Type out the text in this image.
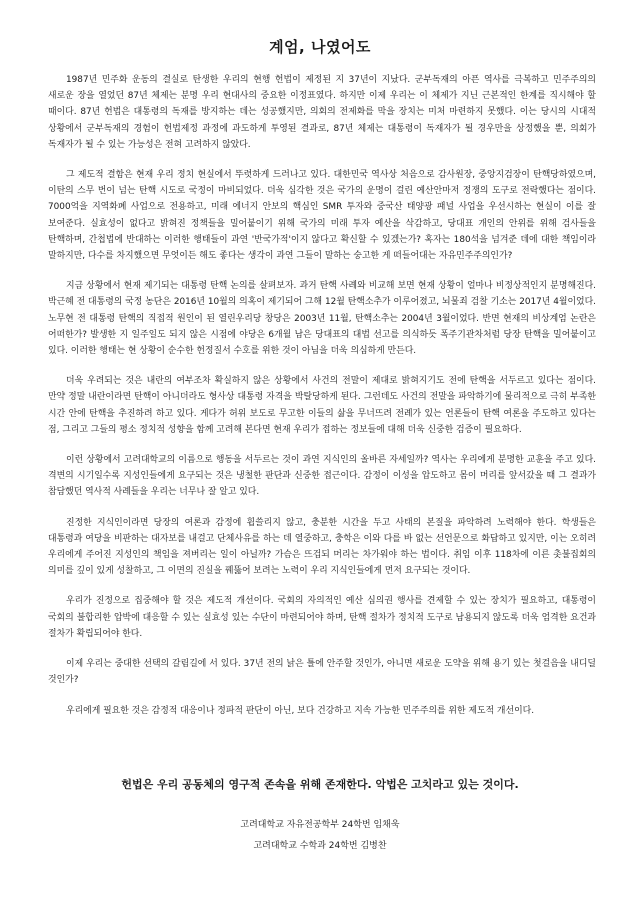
계엄, 나였어도

1987년 민주화 운동의 결실로 탄생한 우리의 현행 헌법이 제정된 지 37년이 지났다. 군부독재의 아픈 역사를 극복하고 민주주의의 새로운 장을 열었던 87년 체제는 분명 우리 현대사의 중요한 이정표였다. 하지만 이제 우리는 이 체제가 지닌 근본적인 한계를 직시해야 할 때이다. 87년 헌법은 대통령의 독재를 방지하는 데는 성공했지만, 의회의 전제화를 막을 장치는 미처 마련하지 못했다. 이는 당시의 시대적 상황에서 군부독재의 경험이 헌법제정 과정에 과도하게 투영된 결과로, 87년 체제는 대통령이 독재자가 될 경우만을 상정했을 뿐, 의회가 독재자가 될 수 있는 가능성은 전혀 고려하지 않았다.

그 제도적 결함은 현재 우리 정치 현실에서 뚜렷하게 드러나고 있다. 대한민국 역사상 처음으로 감사원장, 중앙지검장이 탄핵당하였으며, 이탄의 스무 번이 넘는 탄핵 시도로 국정이 마비되었다. 더욱 심각한 것은 국가의 운명이 걸린 예산안마저 정쟁의 도구로 전락했다는 점이다. 7000억을 지역화폐 사업으로 전용하고, 미래 에너지 안보의 핵심인 SMR 투자와 중국산 태양광 패널 사업을 우선시하는 현실이 이를 잘 보여준다. 실효성이 없다고 밝혀진 정책들을 밀어붙이기 위해 국가의 미래 투자 예산을 삭감하고, 당대표 개인의 안위를 위해 검사들을 탄핵하며, 간첩법에 반대하는 이러한 행태들이 과연 '반국가적'이지 않다고 확신할 수 있겠는가? 혹자는 180석을 넘겨준 데에 대한 책임이라 말하지만, 다수를 차지했으면 무엇이든 해도 좋다는 생각이 과연 그들이 말하는 숭고한 게 떠들어대는 자유민주주의인가?

지금 상황에서 현재 제기되는 대통령 탄핵 논의를 살펴보자. 과거 탄핵 사례와 비교해 보면 현재 상황이 얼마나 비정상적인지 분명해진다. 박근혜 전 대통령의 국정 농단은 2016년 10월의 의혹이 제기되어 그해 12월 탄핵소추가 이루어졌고, 뇌물죄 검찰 기소는 2017년 4월이었다. 노무현 전 대통령 탄핵의 직접적 원인이 된 열린우리당 창당은 2003년 11월, 탄핵소추는 2004년 3월이었다. 반면 현재의 비상계엄 논란은 어떠한가? 발생한 지 일주일도 되지 않은 시점에 야당은 6개월 남은 당대표의 대법 선고를 의식하듯 폭주기관차처럼 당장 탄핵을 밀어붙이고 있다. 이러한 행태는 현 상황이 순수한 헌정질서 수호를 위한 것이 아님을 더욱 의심하게 만든다.

더욱 우려되는 것은 내란의 여부조차 확실하지 않은 상황에서 사건의 전말이 제대로 밝혀지기도 전에 탄핵을 서두르고 있다는 점이다. 만약 정말 내란이라면 탄핵이 아니더라도 형사상 대통령 자격을 박탈당하게 된다. 그런데도 사건의 전말을 파악하기에 물리적으로 극히 부족한 시간 안에 탄핵을 추진하려 하고 있다. 게다가 허위 보도로 무고한 이들의 삶을 무너뜨려 전례가 있는 언론들이 탄핵 여론을 주도하고 있다는 점, 그리고 그들의 평소 정치적 성향을 함께 고려해 본다면 현재 우리가 접하는 정보들에 대해 더욱 신중한 검증이 필요하다.

이런 상황에서 고려대학교의 이름으로 행동을 서두르는 것이 과연 지식인의 올바른 자세일까? 역사는 우리에게 분명한 교훈을 주고 있다. 격변의 시기일수록 지성인들에게 요구되는 것은 냉철한 판단과 신중한 접근이다. 감정이 이성을 압도하고 몸이 머리를 앞서갔을 때 그 결과가 참담했던 역사적 사례들을 우리는 너무나 잘 알고 있다.

진정한 지식인이라면 당장의 여론과 감정에 휩쓸리지 않고, 충분한 시간을 두고 사태의 본질을 파악하려 노력해야 한다. 학생들은 대통령과 여당을 비판하는 대자보를 내걸고 단체사유를 하는 데 열중하고, 충학은 이와 다를 바 없는 선언문으로 화답하고 있지만, 이는 오히려 우리에게 주어진 지성인의 책임을 져버리는 일이 아닐까? 가슴은 뜨겁되 머리는 차가워야 하는 법이다. 취임 이후 118차에 이른 촛불집회의 의미를 깊이 있게 성찰하고, 그 이면의 진실을 꿰뚫어 보려는 노력이 우리 지식인들에게 먼저 요구되는 것이다.

우리가 진정으로 집중해야 할 것은 제도적 개선이다. 국회의 자의적인 예산 심의권 행사를 견제할 수 있는 장치가 필요하고, 대통령이 국회의 불합리한 압박에 대응할 수 있는 실효성 있는 수단이 마련되어야 하며, 탄핵 절차가 정치적 도구로 남용되지 않도록 더욱 엄격한 요건과 절차가 확립되어야 한다.

이제 우리는 중대한 선택의 갈림길에 서 있다. 37년 전의 낡은 틀에 안주할 것인가, 아니면 새로운 도약을 위해 용기 있는 첫걸음을 내디딜 것인가?

우리에게 필요한 것은 감정적 대응이나 정파적 판단이 아닌, 보다 건강하고 지속 가능한 민주주의를 위한 제도적 개선이다.

헌법은 우리 공동체의 영구적 존속을 위해 존재한다. 악법은 고치라고 있는 것이다.
고려대학교 자유전공학부 24학번 임채욱
고려대학교 수학과 24학번 김병찬
